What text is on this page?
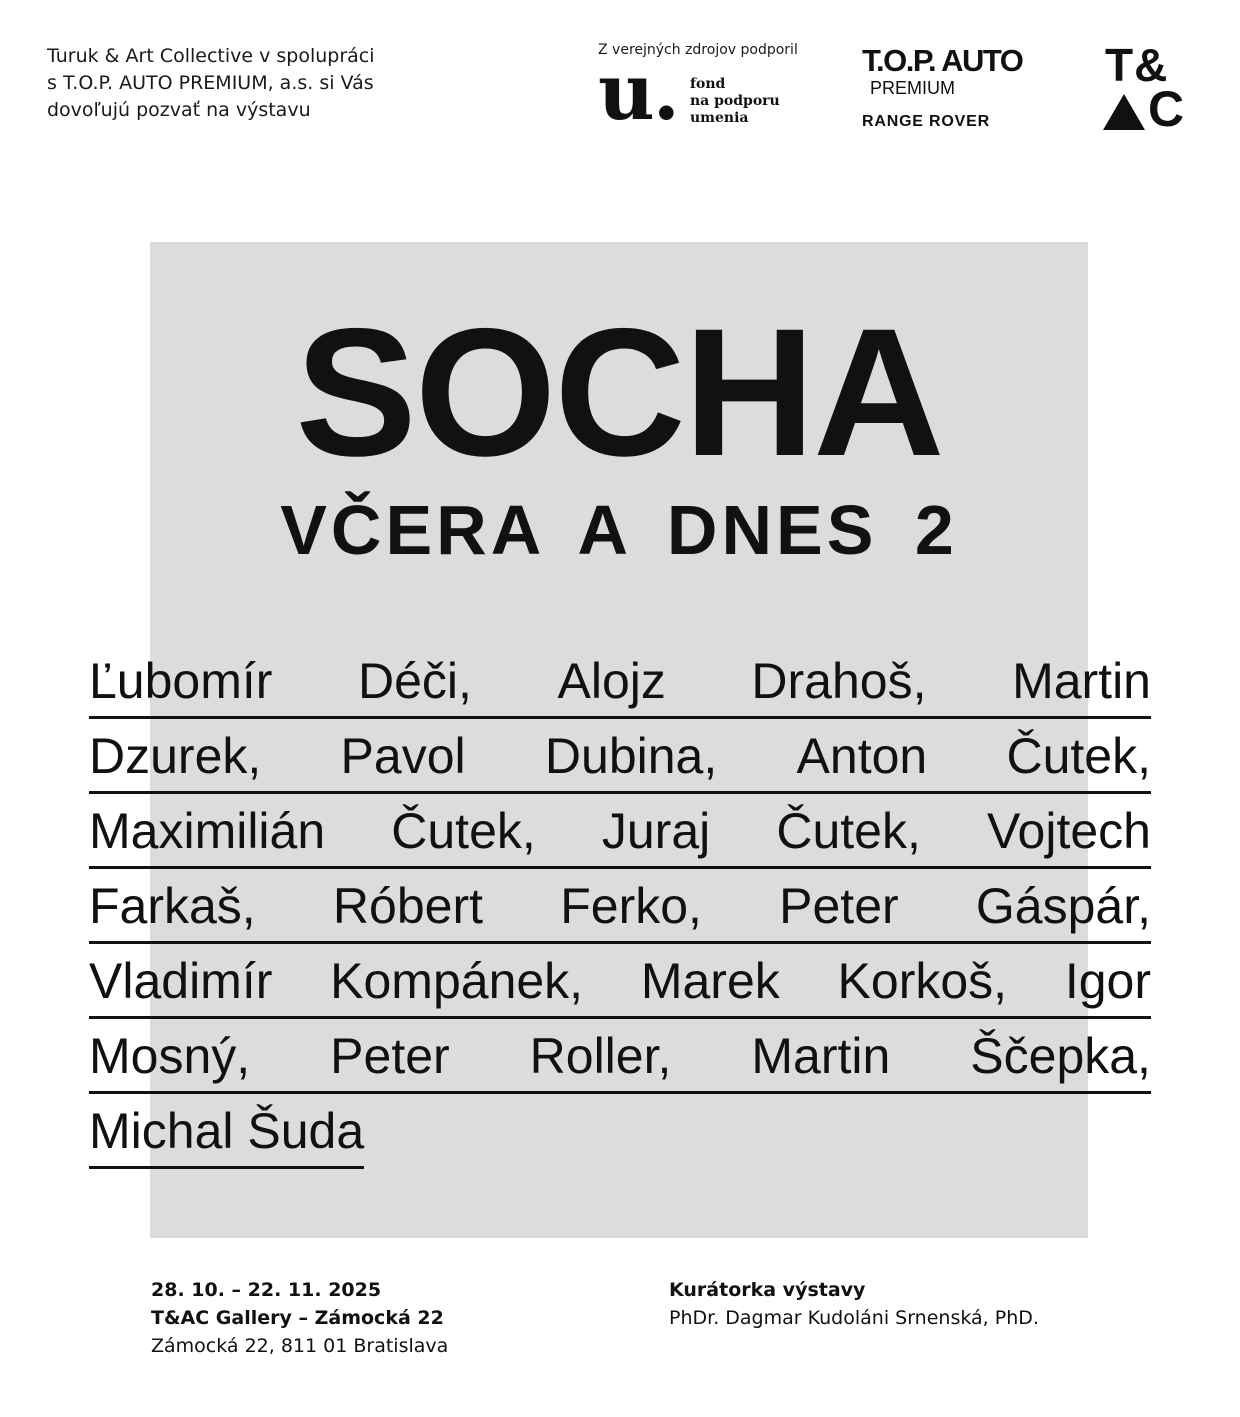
Turuk & Art Collective v spolupráci
s T.O.P. AUTO PREMIUM, a.s. si Vás
dovoľujú pozvať na výstavu
Z verejných zdrojov podporil
u. fond
na podporu
umenia
T.O.P. AUTO
PREMIUM
RANGE ROVER
T&
C
SOCHA
VČERA A DNES 2
Ľubomír Déči, Alojz Drahoš, Martin
Dzurek, Pavol Dubina, Anton Čutek,
Maximilián Čutek, Juraj Čutek, Vojtech
Farkaš, Róbert Ferko, Peter Gáspár,
Vladimír Kompánek, Marek Korkoš, Igor
Mosný, Peter Roller, Martin Ščepka,
Michal Šuda
28. 10. – 22. 11. 2025
T&AC Gallery – Zámocká 22
Zámocká 22, 811 01 Bratislava
Kurátorka výstavy
PhDr. Dagmar Kudoláni Srnenská, PhD.
